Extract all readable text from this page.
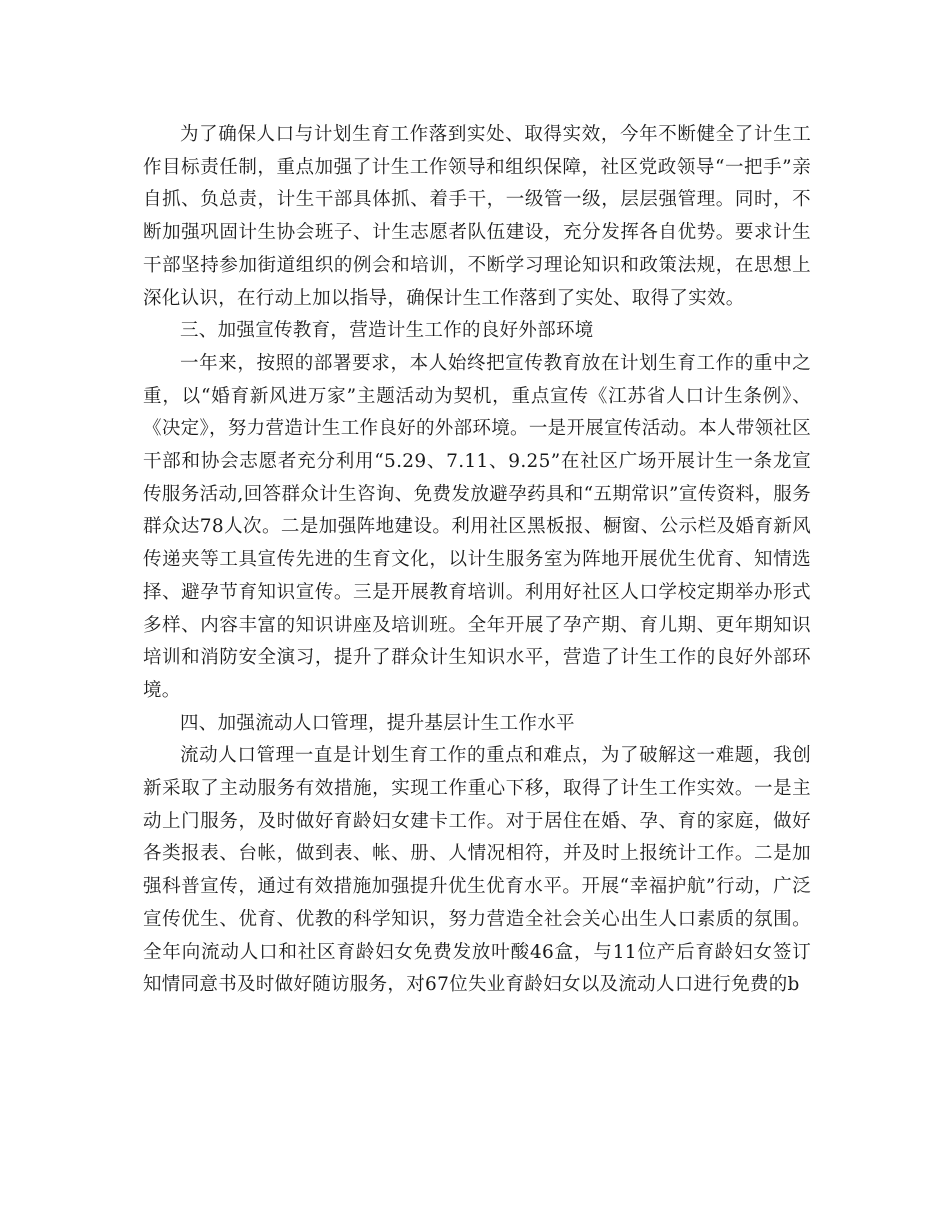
为了确保人口与计划生育工作落到实处、取得实效，今年不断健全了计生工作目标责任制，重点加强了计生工作领导和组织保障，社区党政领导“一把手”亲自抓、负总责，计生干部具体抓、着手干，一级管一级，层层强管理。同时，不断加强巩固计生协会班子、计生志愿者队伍建设，充分发挥各自优势。要求计生干部坚持参加街道组织的例会和培训，不断学习理论知识和政策法规，在思想上深化认识，在行动上加以指导，确保计生工作落到了实处、取得了实效。

三、加强宣传教育，营造计生工作的良好外部环境

一年来，按照的部署要求，本人始终把宣传教育放在计划生育工作的重中之重，以“婚育新风进万家”主题活动为契机，重点宣传《江苏省人口计生条例》、《决定》，努力营造计生工作良好的外部环境。一是开展宣传活动。本人带领社区干部和协会志愿者充分利用“5.29、7.11、9.25”在社区广场开展计生一条龙宣传服务活动,回答群众计生咨询、免费发放避孕药具和“五期常识”宣传资料，服务群众达78人次。二是加强阵地建设。利用社区黑板报、橱窗、公示栏及婚育新风传递夹等工具宣传先进的生育文化，以计生服务室为阵地开展优生优育、知情选择、避孕节育知识宣传。三是开展教育培训。利用好社区人口学校定期举办形式多样、内容丰富的知识讲座及培训班。全年开展了孕产期、育儿期、更年期知识培训和消防安全演习，提升了群众计生知识水平，营造了计生工作的良好外部环境。

四、加强流动人口管理，提升基层计生工作水平

流动人口管理一直是计划生育工作的重点和难点，为了破解这一难题，我创新采取了主动服务有效措施，实现工作重心下移，取得了计生工作实效。一是主动上门服务，及时做好育龄妇女建卡工作。对于居住在婚、孕、育的家庭，做好各类报表、台帐，做到表、帐、册、人情况相符，并及时上报统计工作。二是加强科普宣传，通过有效措施加强提升优生优育水平。开展“幸福护航”行动，广泛宣传优生、优育、优教的科学知识，努力营造全社会关心出生人口素质的氛围。全年向流动人口和社区育龄妇女免费发放叶酸46盒，与11位产后育龄妇女签订知情同意书及时做好随访服务，对67位失业育龄妇女以及流动人口进行免费的b
